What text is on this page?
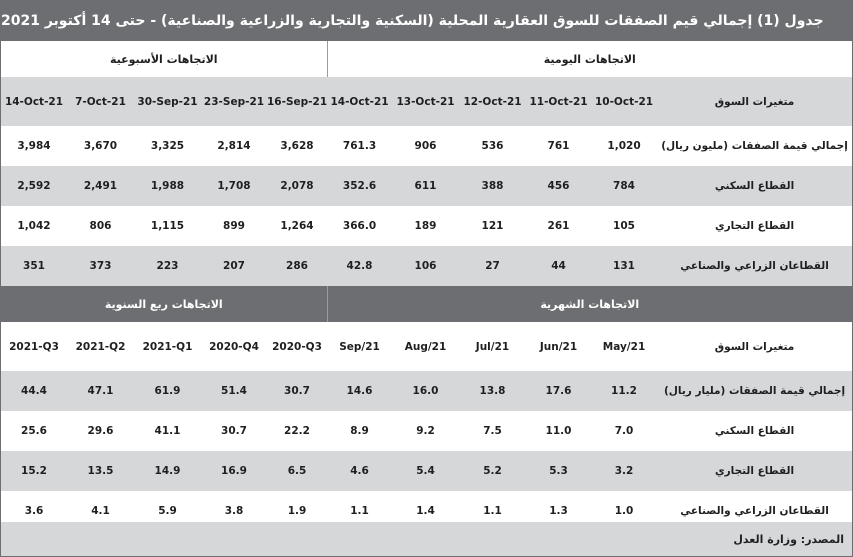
جدول (1) إجمالي قيم الصفقات للسوق العقارية المحلية (السكنية والتجارية والزراعية والصناعية) - حتى 14 أكتوبر 2021
الاتجاهات الأسبوعية					الاتجاهات اليومية					
14-Oct-21	7-Oct-21	30-Sep-21	23-Sep-21	16-Sep-21	14-Oct-21	13-Oct-21	12-Oct-21	11-Oct-21	10-Oct-21	متغيرات السوق
3,984	3,670	3,325	2,814	3,628	761.3	906	536	761	1,020	إجمالي قيمة الصفقات (مليون ريال)
2,592	2,491	1,988	1,708	2,078	352.6	611	388	456	784	القطاع السكني
1,042	806	1,115	899	1,264	366.0	189	121	261	105	القطاع التجاري
351	373	223	207	286	42.8	106	27	44	131	القطاعان الزراعي والصناعي
الاتجاهات ربع السنوية					الاتجاهات الشهرية					
2021-Q3	2021-Q2	2021-Q1	2020-Q4	2020-Q3	Sep/21	Aug/21	Jul/21	Jun/21	May/21	متغيرات السوق
44.4	47.1	61.9	51.4	30.7	14.6	16.0	13.8	17.6	11.2	إجمالي قيمة الصفقات (مليار ريال)
25.6	29.6	41.1	30.7	22.2	8.9	9.2	7.5	11.0	7.0	القطاع السكني
15.2	13.5	14.9	16.9	6.5	4.6	5.4	5.2	5.3	3.2	القطاع التجاري
3.6	4.1	5.9	3.8	1.9	1.1	1.4	1.1	1.3	1.0	القطاعان الزراعي والصناعي
المصدر: وزارة العدل
